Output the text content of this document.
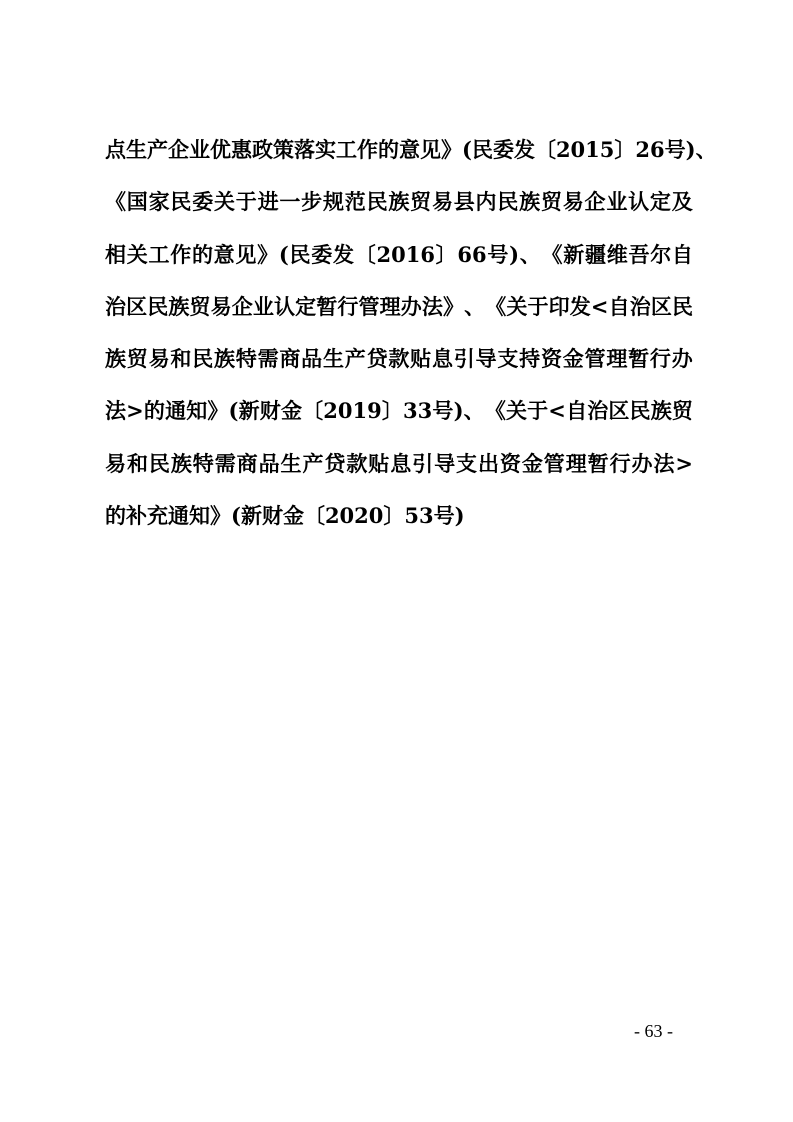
点 生 产 企 业 优 惠 政 策 落 实 工 作 的 意 见 》 ( 民 委 发 〔 2015 〕 26 号 ) 、
《 国 家 民 委 关 于 进 一 步 规 范 民 族 贸 易 县 内 民 族 贸 易 企 业 认 定 及
相 关 工 作 的 意 见 》 ( 民 委 发 〔 2016 〕 66 号 ) 、 《 新 疆 维 吾 尔 自
治 区 民 族 贸 易 企 业 认 定 暂 行 管 理 办 法 》 、 《 关 于 印 发 < 自 治 区 民
族 贸 易 和 民 族 特 需 商 品 生 产 贷 款 贴 息 引 导 支 持 资 金 管 理 暂 行 办
法 > 的 通 知 》 ( 新 财 金 〔 2019 〕 33 号 ) 、 《 关 于 < 自 治 区 民 族 贸
易 和 民 族 特 需 商 品 生 产 贷 款 贴 息 引 导 支 出 资 金 管 理 暂 行 办 法 >
的 补 充 通 知 》 ( 新 财 金 〔 2020 〕 53 号 )
- 63 -
